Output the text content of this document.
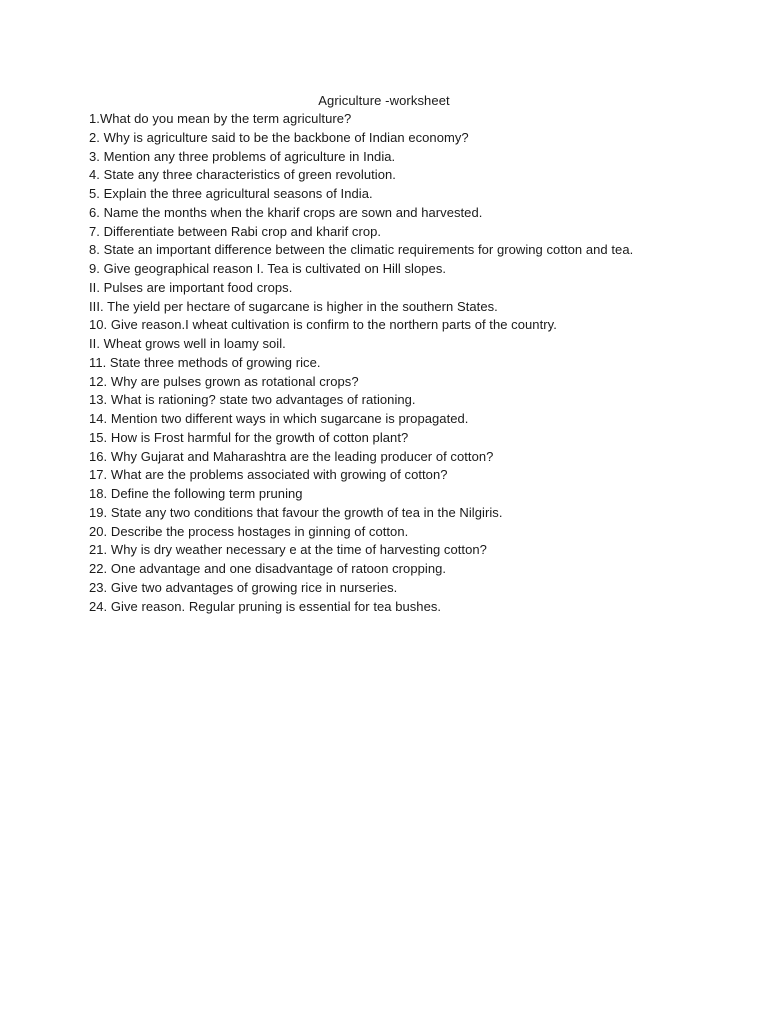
Agriculture -worksheet
1.What do you mean by the term agriculture?
2. Why is agriculture said to be the backbone of Indian economy?
3. Mention any three problems of agriculture in India.
4. State any three characteristics of green revolution.
5. Explain the three agricultural seasons of India.
6. Name the months when the kharif crops are sown and harvested.
7. Differentiate between Rabi crop and kharif crop.
8. State an important difference between the climatic requirements for growing cotton and tea.
9. Give geographical reason I. Tea is cultivated on Hill slopes.
II. Pulses are important food crops.
III. The yield per hectare of sugarcane is higher in the southern States.
10. Give reason.I wheat cultivation is confirm to the northern parts of the country.
II. Wheat grows well in loamy soil.
11. State three methods of growing rice.
12. Why are pulses grown as rotational crops?
13. What is rationing? state two advantages of rationing.
14. Mention two different ways in which sugarcane is propagated.
15. How is Frost harmful for the growth of cotton plant?
16. Why Gujarat and Maharashtra are the leading producer of cotton?
17. What are the problems associated with growing of cotton?
18. Define the following term pruning
19. State any two conditions that favour the growth of tea in the Nilgiris.
20. Describe the process hostages in ginning of cotton.
21. Why is dry weather necessary e at the time of harvesting cotton?
22. One advantage and one disadvantage of ratoon cropping.
23. Give two advantages of growing rice in nurseries.
24. Give reason. Regular pruning is essential for tea bushes.
